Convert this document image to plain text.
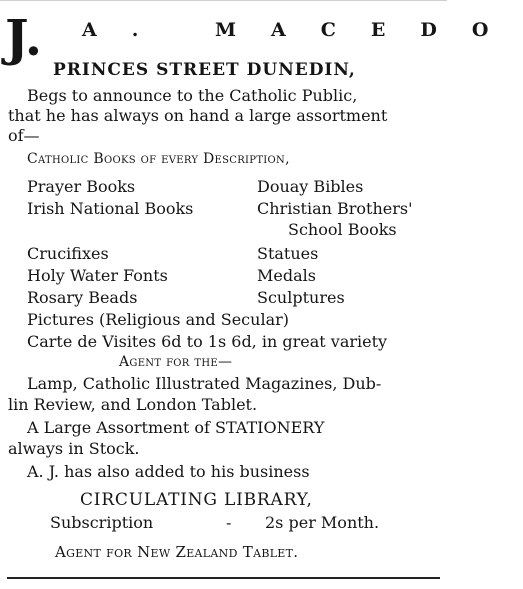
J. A. MACEDO
PRINCES STREET DUNEDIN,
Begs to announce to the Catholic Public,
that he has always on hand a large assortment
of—
Catholic Books of every Description,
Prayer Books	Douay Bibles
Irish National Books	Christian Brothers'
School Books
Crucifixes	Statues
Holy Water Fonts	Medals
Rosary Beads	Sculptures
Pictures (Religious and Secular)
Carte de Visites 6d to 1s 6d, in great variety
Agent for the—
Lamp, Catholic Illustrated Magazines, Dub-
lin Review, and London Tablet.
A Large Assortment of STATIONERY
always in Stock.
A. J. has also added to his business
CIRCULATING LIBRARY,
Subscription	- 2s per Month.
Agent for New Zealand Tablet.
